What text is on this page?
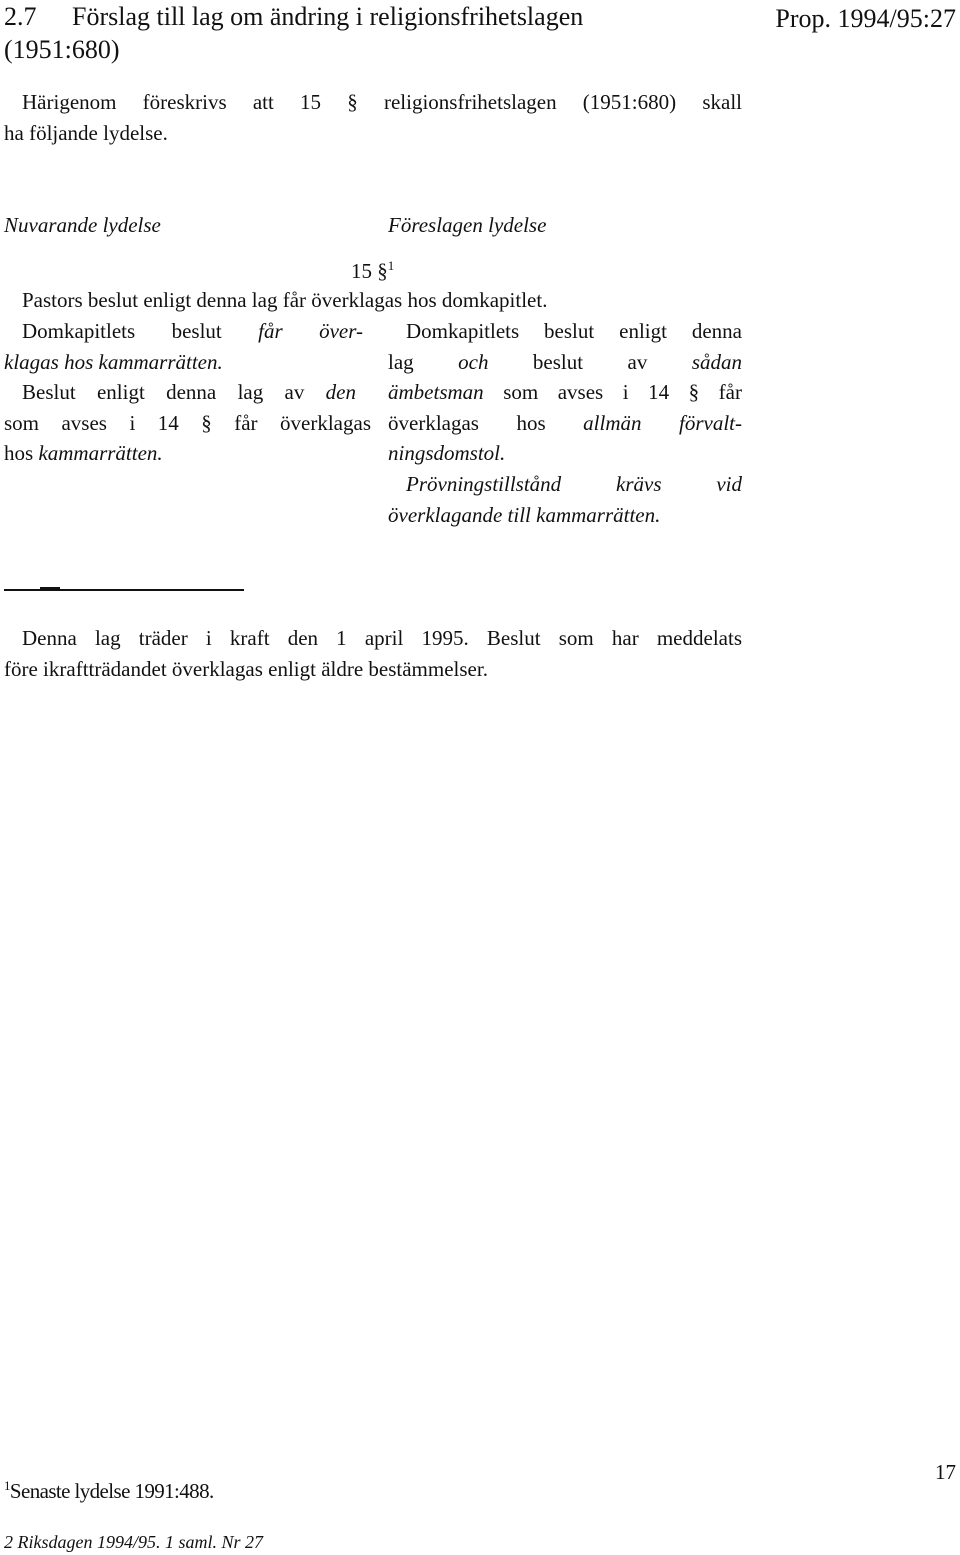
2.7 Förslag till lag om ändring i religionsfrihetslagen
(1951:680)
Prop. 1994/95:27
Härigenom föreskrivs att 15 § religionsfrihetslagen (1951:680) skall
ha följande lydelse.
Nuvarande lydelse	Föreslagen lydelse
15 §$^1$
Pastors beslut enligt denna lag får överklagas hos domkapitlet.
Domkapitlets beslut får över-
klagas hos kammarrätten.
Beslut enligt denna lag av den
som avses i 14 § får överklagas
hos kammarrätten.
Domkapitlets beslut enligt denna
lag och beslut av sådan
ämbetsman som avses i 14 § får
överklagas hos allmän förvalt-
ningsdomstol.
Prövningstillstånd krävs vid
överklagande till kammarrätten.
Denna lag träder i kraft den 1 april 1995. Beslut som har meddelats
före ikraftträdandet överklagas enligt äldre bestämmelser.
$^1$Senaste lydelse 1991:488.
17
2 Riksdagen 1994/95. 1 saml. Nr 27
